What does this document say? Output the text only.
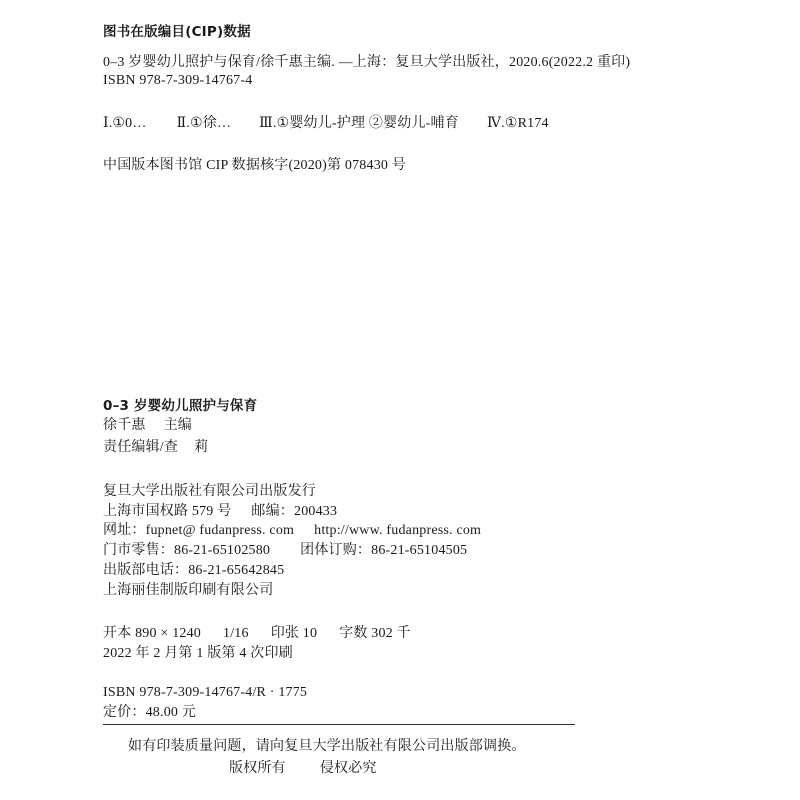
图书在版编目(CIP)数据
0–3 岁婴幼儿照护与保育/徐千惠主编. —上海：复旦大学出版社，2020.6(2022.2 重印)
ISBN 978-7-309-14767-4
Ⅰ.①0… Ⅱ.①徐… Ⅲ.①婴幼儿-护理 ②婴幼儿-哺育 Ⅳ.①R174
中国版本图书馆 CIP 数据核字(2020)第 078430 号
0–3 岁婴幼儿照护与保育
徐千惠 主编
责任编辑/查 莉
复旦大学出版社有限公司出版发行
上海市国权路 579 号 邮编：200433
网址：fupnet@ fudanpress. com http://www. fudanpress. com
门市零售：86-21-65102580 团体订购：86-21-65104505
出版部电话：86-21-65642845
上海丽佳制版印刷有限公司
开本 890 × 1240 1/16 印张 10 字数 302 千
2022 年 2 月第 1 版第 4 次印刷
ISBN 978-7-309-14767-4/R · 1775
定价：48.00 元
如有印装质量问题，请向复旦大学出版社有限公司出版部调换。
版权所有 侵权必究
